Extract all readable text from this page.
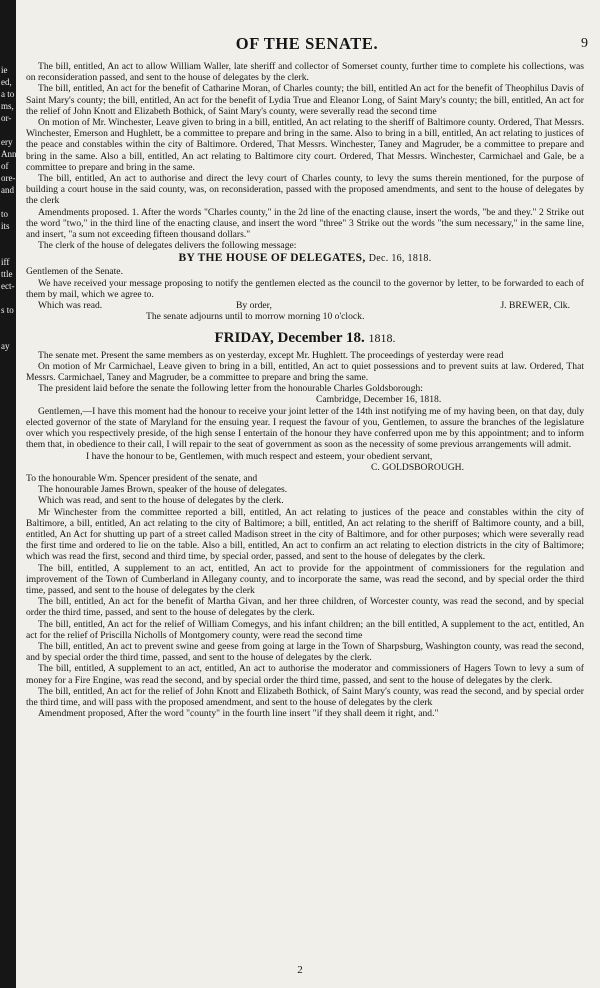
ie
ed,
a to
ms,
or-
ery
Ann
of
ore-
and
to
its
iff
ttle
ect-
s to
ay
OF THE SENATE.	9

The bill, entitled, An act to allow William Waller, late sheriff and collector of Somerset county, further time to complete his collections, was on reconsideration passed, and sent to the house of delegates by the clerk.

The bill, entitled, An act for the benefit of Catharine Moran, of Charles county; the bill, entitled An act for the benefit of Theophilus Davis of Saint Mary's county; the bill, entitled, An act for the benefit of Lydia True and Eleanor Long, of Saint Mary's county; the bill, entitled, An act for the relief of John Knott and Elizabeth Bothick, of Saint Mary's county, were severally read the second time

On motion of Mr. Winchester, Leave given to bring in a bill, entitled, An act relating to the sheriff of Baltimore county. Ordered, That Messrs. Winchester, Emerson and Hughlett, be a committee to prepare and bring in the same. Also to bring in a bill, entitled, An act relating to justices of the peace and constables within the city of Baltimore. Ordered, That Messrs. Winchester, Taney and Magruder, be a committee to prepare and bring in the same. Also a bill, entitled, An act relating to Baltimore city court. Ordered, That Messrs. Winchester, Carmichael and Gale, be a committee to prepare and bring in the same.

The bill, entitled, An act to authorise and direct the levy court of Charles county, to levy the sums therein mentioned, for the purpose of building a court house in the said county, was, on reconsideration, passed with the proposed amendments, and sent to the house of delegates by the clerk

Amendments proposed. 1. After the words "Charles county," in the 2d line of the enacting clause, insert the words, "be and they." 2 Strike out the word "two," in the third line of the enacting clause, and insert the word "three" 3 Strike out the words "the sum necessary," in the same line, and insert, "a sum not exceeding fifteen thousand dollars."

The clerk of the house of delegates delivers the following message:

BY THE HOUSE OF DELEGATES, Dec. 16, 1818.

Gentlemen of the Senate.

We have received your message proposing to notify the gentlemen elected as the council to the governor by letter, to be forwarded to each of them by mail, which we agree to.

By order,	J. BREWER, Clk.

Which was read.

The senate adjourns until to morrow morning 10 o'clock.

FRIDAY, December 18. 1818.

The senate met. Present the same members as on yesterday, except Mr. Hughlett. The proceedings of yesterday were read

On motion of Mr Carmichael, Leave given to bring in a bill, entitled, An act to quiet possessions and to prevent suits at law. Ordered, That Messrs. Carmichael, Taney and Magruder, be a committee to prepare and bring the same.

The president laid before the senate the following letter from the honourable Charles Goldsborough:

Cambridge, December 16, 1818.

Gentlemen,—I have this moment had the honour to receive your joint letter of the 14th inst notifying me of my having been, on that day, duly elected governor of the state of Maryland for the ensuing year. I request the favour of you, Gentlemen, to assure the branches of the legislature over which you respectively preside, of the high sense I entertain of the honour they have conferred upon me by this appointment; and to inform them that, in obedience to their call, I will repair to the seat of government as soon as the necessity of some previous arrangements will admit.

I have the honour to be, Gentlemen, with much respect and esteem, your obedient servant,

C. GOLDSBOROUGH.

To the honourable Wm. Spencer president of the senate, and

The honourable James Brown, speaker of the house of delegates.

Which was read, and sent to the house of delegates by the clerk.

Mr Winchester from the committee reported a bill, entitled, An act relating to justices of the peace and constables within the city of Baltimore, a bill, entitled, An act relating to the city of Baltimore; a bill, entitled, An act relating to the sheriff of Baltimore county, and a bill, entitled, An Act for shutting up part of a street called Madison street in the city of Baltimore, and for other purposes; which were severally read the first time and ordered to lie on the table. Also a bill, entitled, An act to confirm an act relating to election districts in the city of Baltimore; which was read the first, second and third time, by special order, passed, and sent to the house of delegates by the clerk.

The bill, entitled, A supplement to an act, entitled, An act to provide for the appointment of commissioners for the regulation and improvement of the Town of Cumberland in Allegany county, and to incorporate the same, was read the second, and by special order the third time, passed, and sent to the house of delegates by the clerk

The bill, entitled, An act for the benefit of Martha Givan, and her three children, of Worcester county, was read the second, and by special order the third time, passed, and sent to the house of delegates by the clerk.

The bill, entitled, An act for the relief of William Comegys, and his infant children; an the bill entitled, A supplement to the act, entitled, An act for the relief of Priscilla Nicholls of Montgomery county, were read the second time

The bill, entitled, An act to prevent swine and geese from going at large in the Town of Sharpsburg, Washington county, was read the second, and by special order the third time, passed, and sent to the house of delegates by the clerk.

The bill, entitled, A supplement to an act, entitled, An act to authorise the moderator and commissioners of Hagers Town to levy a sum of money for a Fire Engine, was read the second, and by special order the third time, passed, and sent to the house of delegates by the clerk.

The bill, entitled, An act for the relief of John Knott and Elizabeth Bothick, of Saint Mary's county, was read the second, and by special order the third time, and will pass with the proposed amendment, and sent to the house of delegates by the clerk

Amendment proposed, After the word "county" in the fourth line insert "if they shall deem it right, and."

2
